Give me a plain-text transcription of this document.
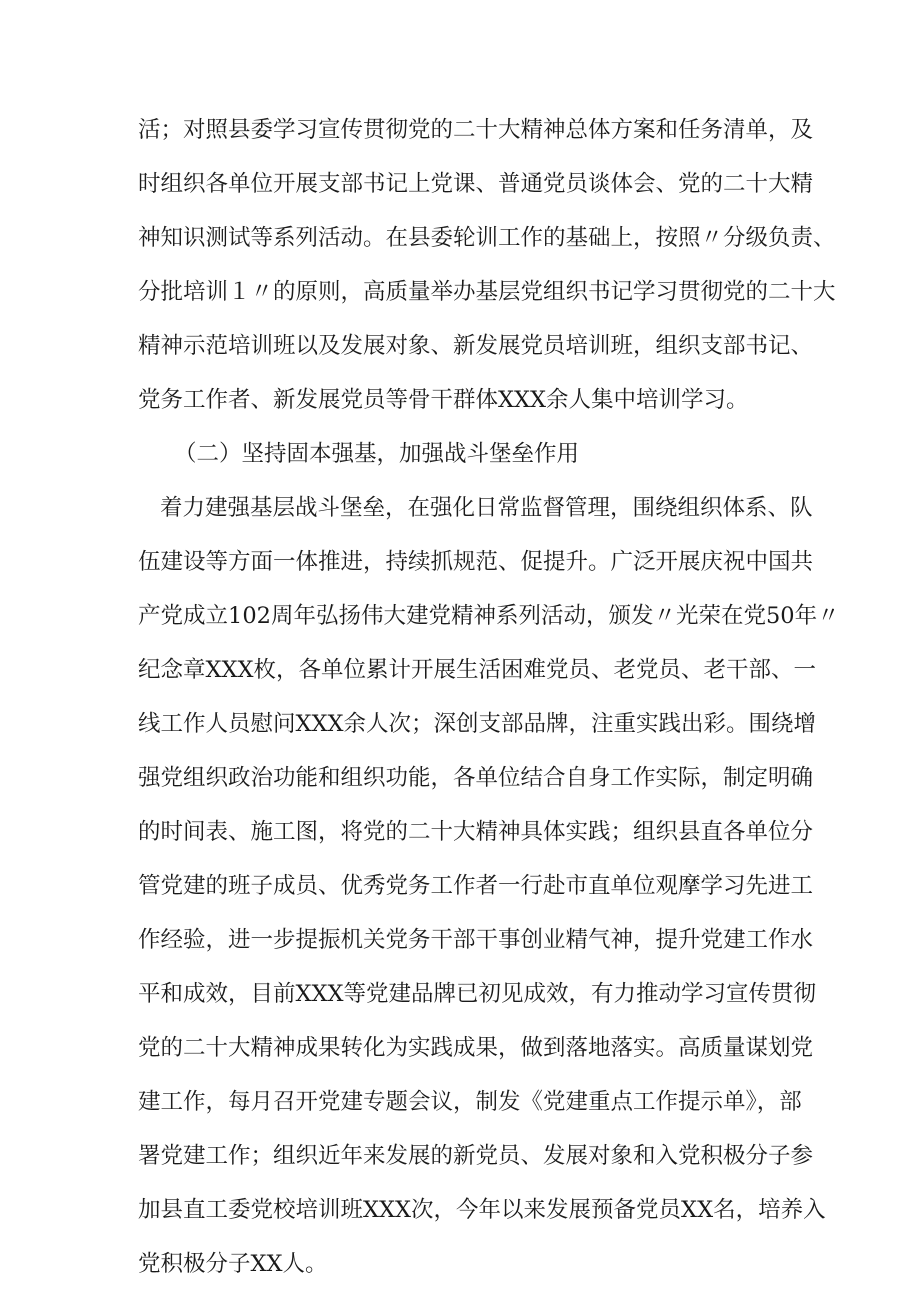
活；对照县委学习宣传贯彻党的二十大精神总体方案和任务清单，及
时组织各单位开展支部书记上党课、普通党员谈体会、党的二十大精
神知识测试等系列活动。在县委轮训工作的基础上，按照〃分级负责、
分批培训１〃的原则，高质量举办基层党组织书记学习贯彻党的二十大
精神示范培训班以及发展对象、新发展党员培训班，组织支部书记、
党务工作者、新发展党员等骨干群体XXX余人集中培训学习。
（二）坚持固本强基，加强战斗堡垒作用
着力建强基层战斗堡垒，在强化日常监督管理，围绕组织体系、队
伍建设等方面一体推进，持续抓规范、促提升。广泛开展庆祝中国共
产党成立102周年弘扬伟大建党精神系列活动，颁发〃光荣在党50年〃
纪念章XXX枚，各单位累计开展生活困难党员、老党员、老干部、一
线工作人员慰问XXX余人次；深创支部品牌，注重实践出彩。围绕增
强党组织政治功能和组织功能，各单位结合自身工作实际，制定明确
的时间表、施工图，将党的二十大精神具体实践；组织县直各单位分
管党建的班子成员、优秀党务工作者一行赴市直单位观摩学习先进工
作经验，进一步提振机关党务干部干事创业精气神，提升党建工作水
平和成效，目前XXX等党建品牌已初见成效，有力推动学习宣传贯彻
党的二十大精神成果转化为实践成果，做到落地落实。高质量谋划党
建工作，每月召开党建专题会议，制发《党建重点工作提示单》，部
署党建工作；组织近年来发展的新党员、发展对象和入党积极分子参
加县直工委党校培训班XXX次，今年以来发展预备党员XX名，培养入
党积极分子XX人。
